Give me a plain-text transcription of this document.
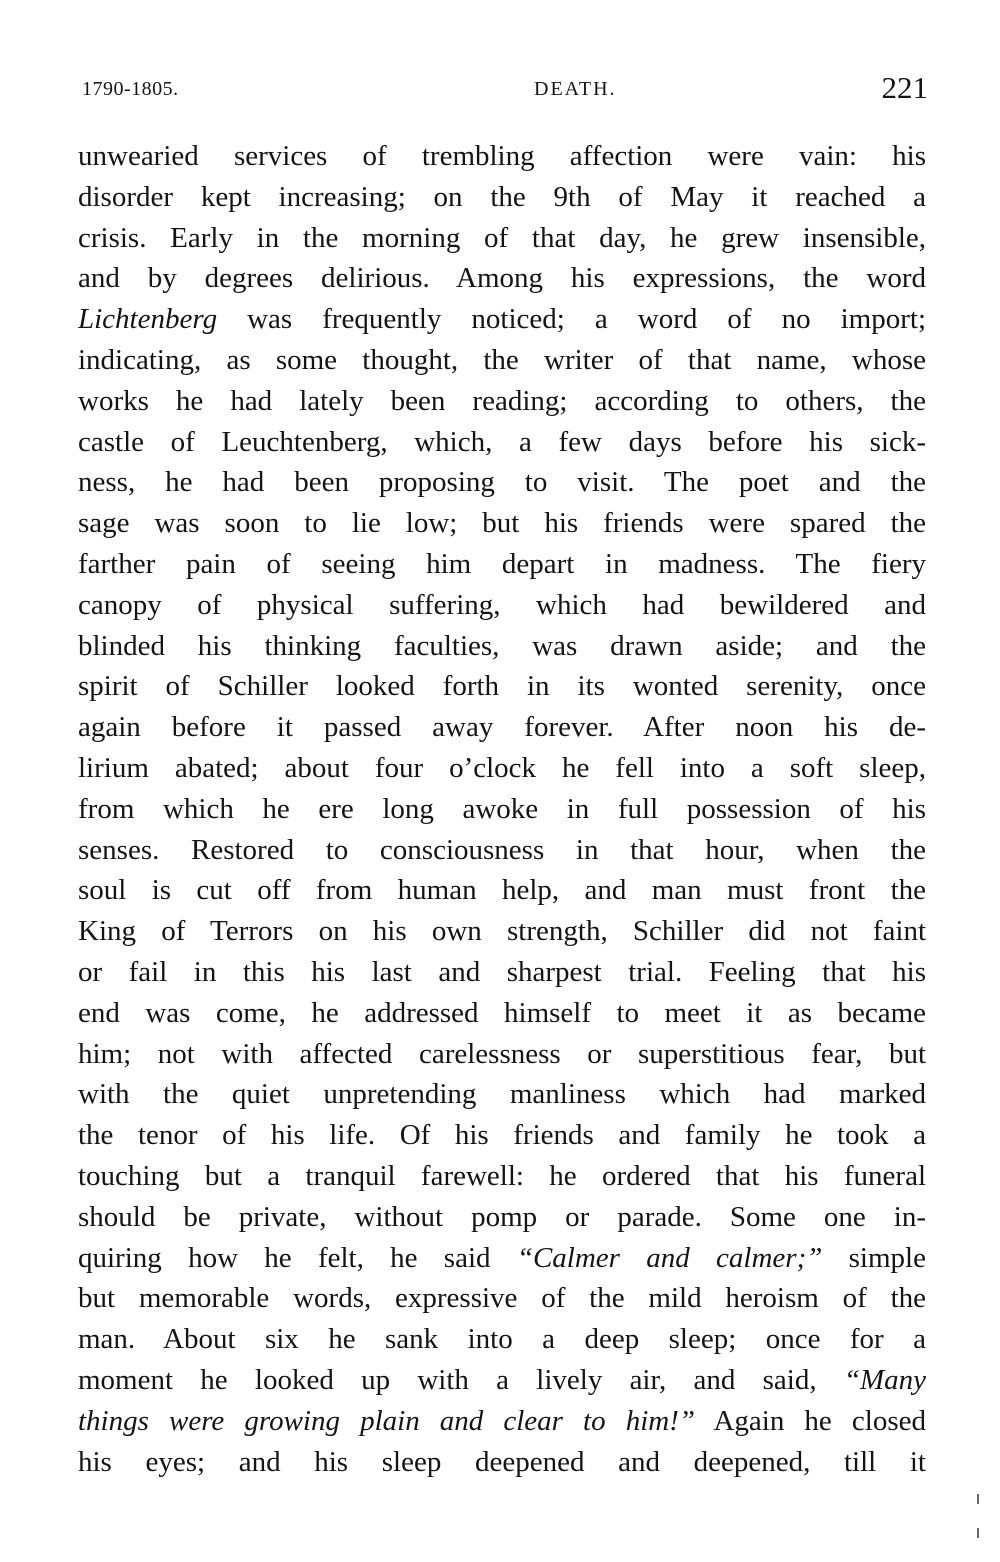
1790-1805.	DEATH.	221
unwearied services of trembling affection were vain: his
disorder kept increasing; on the 9th of May it reached a
crisis. Early in the morning of that day, he grew insensible,
and by degrees delirious. Among his expressions, the word
Lichtenberg was frequently noticed; a word of no import;
indicating, as some thought, the writer of that name, whose
works he had lately been reading; according to others, the
castle of Leuchtenberg, which, a few days before his sick-
ness, he had been proposing to visit. The poet and the
sage was soon to lie low; but his friends were spared the
farther pain of seeing him depart in madness. The fiery
canopy of physical suffering, which had bewildered and
blinded his thinking faculties, was drawn aside; and the
spirit of Schiller looked forth in its wonted serenity, once
again before it passed away forever. After noon his de-
lirium abated; about four o’clock he fell into a soft sleep,
from which he ere long awoke in full possession of his
senses. Restored to consciousness in that hour, when the
soul is cut off from human help, and man must front the
King of Terrors on his own strength, Schiller did not faint
or fail in this his last and sharpest trial. Feeling that his
end was come, he addressed himself to meet it as became
him; not with affected carelessness or superstitious fear, but
with the quiet unpretending manliness which had marked
the tenor of his life. Of his friends and family he took a
touching but a tranquil farewell: he ordered that his funeral
should be private, without pomp or parade. Some one in-
quiring how he felt, he said “Calmer and calmer;” simple
but memorable words, expressive of the mild heroism of the
man. About six he sank into a deep sleep; once for a
moment he looked up with a lively air, and said, “Many
things were growing plain and clear to him!” Again he closed
his eyes; and his sleep deepened and deepened, till it
